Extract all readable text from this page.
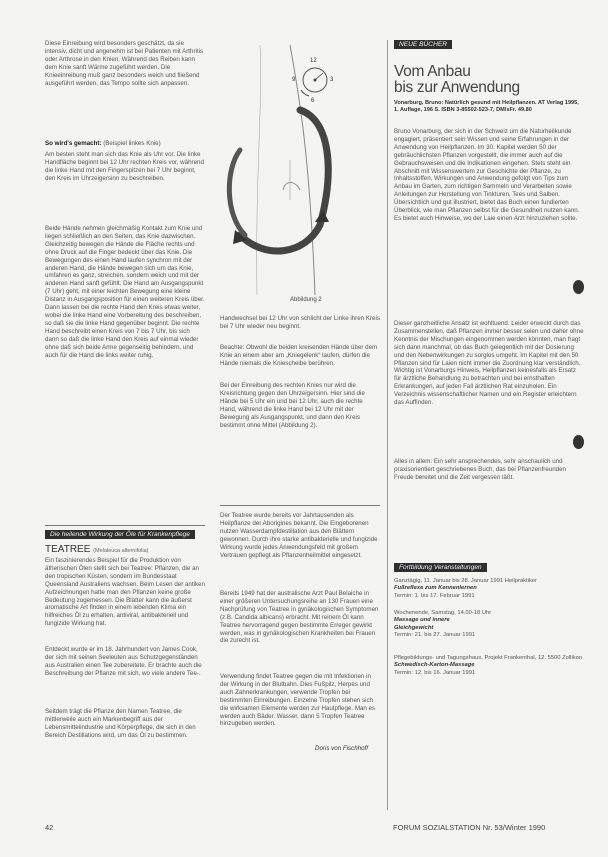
Diese Einreibung wird besonders geschätzt, da sie intensiv, dicht und angenehm ist bei Patienten mit Arthritis oder Arthrose in den Knien. Während des Reiben kann dem Knie sanft Wärme zugeführt werden. Die Knieeinreibung muß ganz besonders weich und fließend ausgeführt werden, das Tempo sollte sich anpassen.

So wird's gemacht: (Beispiel linkes Knie)

Am besten steht man sich das Knie als Uhr vor. Die linke Handfläche beginnt bei 12 Uhr rechten Kreis vor, während die linke Hand mit den Fingerspitzen bei 7 Uhr beginnt, den Kreis im Uhrzeigersinn zu beschreiben.

Beide Hände nehmen gleichmäßig Kontakt zum Knie und liegen schließlich an den Seiten, das Knie dazwischen. Gleichzeitig bewegen die Hände die Fläche rechts und ohne Druck auf die Finger bedeckt über das Knie. Die Bewegungen des einen Hand laufen synchron mit der anderen Hand, die Hände bewegen sich um das Knie, umfahren es ganz, streichen, sondern weich und mit der anderen Hand sanft gefühlt. Die Hand am Ausgangspunkt (7 Uhr) geht, mit einer leichten Bewegung eine kleine Distanz in Ausgangsposition für einen weiteren Kreis über. Dann lassen bei die rechte Hand den Kreis etwas weiter, wobei die linke Hand eine Vorbereitung des beschreiben, so daß sie die linke Hand gegenüber beginnt. Die rechte Hand beschreibt einen Kreis von 7 bis 7 Uhr, bis sich dann so daß die linke Hand den Kreis auf einmal wieder ohne daß sich beide Arme gegenseitig behindern, und auch für die Hand die links weiter ruhig.

12
3
6
9
Abbildung 2

Handwechsel bei 12 Uhr von schlicht der Linke ihren Kreis bei 7 Uhr wieder neu beginnt.

Beachte: Obwohl die beiden kreisenden Hände über dem Knie an einem aber am „Kniegelenk“ laufen, dürfen die Hände niemals die Kniescheibe berühren.

Bei der Einreibung des rechten Knies nur wird die Kreisrichtung gegen den Uhrzeigersinn. Hier sind die Hände bei 5 Uhr ein und bei 12 Uhr, auch die rechte Hand, während die linke Hand bei 12 Uhr mit der Bewegung als Ausgangspunkt, und dann den Kreis bestimmt ohne Mittel (Abbildung 2).

Die heilende Wirkung der Öle für Krankenpflege
TEATREE (Melaleuca alternifolia)

Ein faszinierendes Beispiel für die Produktion von ätherischen Ölen stellt sich bei Teatree: Pflanzen, die an den tropischen Küsten, sondern im Bundesstaat Queensland Australiens wachsen. Beim Lesen der antiken Aufzeichnungen hatte man den Pflanzen keine große Bedeutung zugemessen. Die Blätter kann die äußerst aromatische Art finden in einem lebenden Klima ein hilfreiches Öl zu erhalten, antiviral, antibakteriell und fungizide Wirkung hat.

Entdeckt wurde er im 18. Jahrhundert von James Cook, der sich mit seinen Seeleuten aus Schutzgegenständen aus Australien einen Tee zubereitete. Er brachte auch die Beschreibung der Pflanze mit sich, wo viele andere Tee-.

Seitdem trägt die Pflanze den Namen Teatree, die mittlerweile auch ein Markenbegriff aus der Lebensmittelindustrie und Körperpflege, die sich in den Bereich Destillations wird, um das Öl zu bestimmen.

Der Teatree wurde bereits vor Jahrtausenden als Heilpflanze der Aborigines bekannt. Die Eingeborenen nutzen Wasserdampfdestillation aus den Blättern gewonnen. Durch ihre starke antibakterielle und fungizide Wirkung wurde jedes Anwendungsfeld mit großem Vertrauen gepflegt als Pflanzenheilmittel eingesetzt.

Bereits 1949 hat der australische Arzt Paul Belaiche in einer größeren Untersuchungsreihe an 130 Frauen eine Nachprüfung von Teatree in gynäkologischen Symptomen (z.B. Candida albicans) erbracht. Mit reinem Öl kann Teatree hervorragend gegen bestimmte Erreger gewirkt werden, was in gynäkologischen Krankheiten bei Frauen die zurecht ist.

Verwendung findet Teatree gegen die mit Infektionen in der Wirkung in der Blutbahn. Dies Fußpilz, Herpes und auch Zahnerkrankungen, verwende Tropfen bei bestimmten Einreibungen. Einzelne Tropfen stehen sich die wirksamen Elemente werden zur Hautpflege. Man es werden auch Bäder. Wasser, dann 5 Tropfen Teatree hinzugeben werden.

Doris von Fischhoff
NEUE BÜCHER
Vom Anbau
bis zur Anwendung
Vonarburg, Bruno: Natürlich gesund mit Heilpflanzen. AT Verlag 1995, 1. Auflage, 196 S. ISBN 3-85502-523-7, DM/sFr. 49.80

Bruno Vonarburg, der sich in der Schweiz um die Naturheilkunde engagiert, präsentiert sein Wissen und seine Erfahrungen in der Anwendung von Heilpflanzen. Im 30. Kapitel werden 50 der gebräuchlichsten Pflanzen vorgestellt, die immer auch auf die Gebrauchsweisen und die Indikationen eingehen. Stets steht ein Abschnitt mit Wissenswertem zur Geschichte der Pflanze, zu Inhaltsstoffen, Wirkungen und Anwendung gefolgt von Tips zum Anbau im Garten, zum richtigen Sammeln und Verarbeiten sowie Anleitungen zur Herstellung von Tinkturen, Tees und Salben. Übersichtlich und gut illustriert, bietet das Buch einen fundierten Überblick, wie man Pflanzen selbst für die Gesundheit nutzen kann. Es bietet auch Hinweise, wo der Laie einen Arzt hinzuziehen sollte.

Dieser ganzheitliche Ansatz ist wohltuend. Leider erweckt durch das Zusammenstellen, daß Pflanzen immer besser seien und daher ohne Kenntnis der Mischungen eingenommen werden könnten, man fragt sich dann manchmal, ob das Buch gelegentlich mit der Dosierung und den Nebenwirkungen zu sorglos umgeht. Im Kapitel mit den 50 Pflanzen sind für Laien nicht immer die Zuordnung klar verständlich. Wichtig ist Vonarburgs Hinweis, Heilpflanzen keinesfalls als Ersatz für ärztliche Behandlung zu betrachten und bei ernsthaften Erkrankungen, auf jeden Fall ärztlichen Rat einzuholen. Ein Verzeichnis wissenschaftlicher Namen und ein Register erleichtern das Auffinden.

Alles in allem: Ein sehr ansprechendes, sehr anschaulich und praxisorientiert geschriebenes Buch, das bei Pflanzenfreunden Freude bereitet und die Zeit vergessen läßt.

Fortbildung Veranstaltungen
Ganztägig, 11. Januar bis 28. Januar 1991 Heilpraktiker
Fußreflexe zum Kennenlernen
Termin: 1. bis 17. Februar 1991
Wochenende, Samstag, 14.00-18 Uhr
Massage und innere
Gleichgewicht
Termin: 21. bis 27. Januar 1991
Pflegebildungs- und Tagungshaus, Projekt Frankenthal, 12. 5500 Zollikon
Schwedisch-Karton-Massage
Termin: 12. bis 16. Januar 1991
42	FORUM SOZIALSTATION Nr. 53/Winter 1990
